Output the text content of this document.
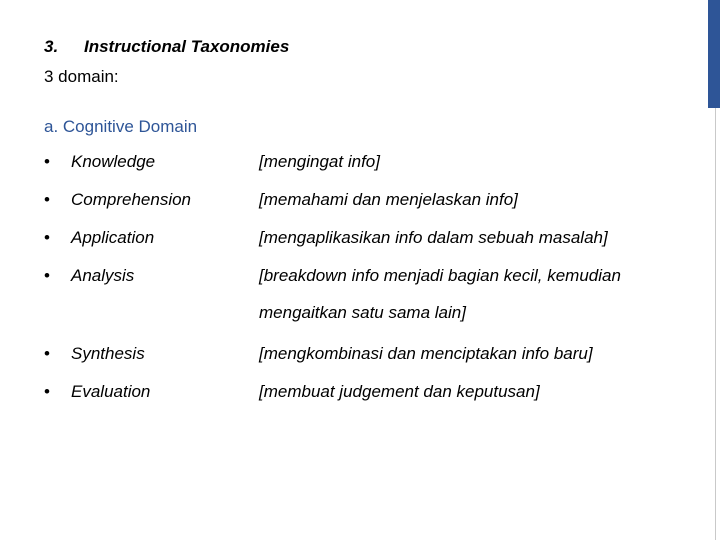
3. Instructional Taxonomies
3 domain:
a. Cognitive Domain
• Knowledge	[mengingat info]
• Comprehension	[memahami dan menjelaskan info]
• Application	[mengaplikasikan info dalam sebuah masalah]
• Analysis	[breakdown info menjadi bagian kecil, kemudian
mengaitkan satu sama lain]
• Synthesis	[mengkombinasi dan menciptakan info baru]
• Evaluation	[membuat judgement dan keputusan]
